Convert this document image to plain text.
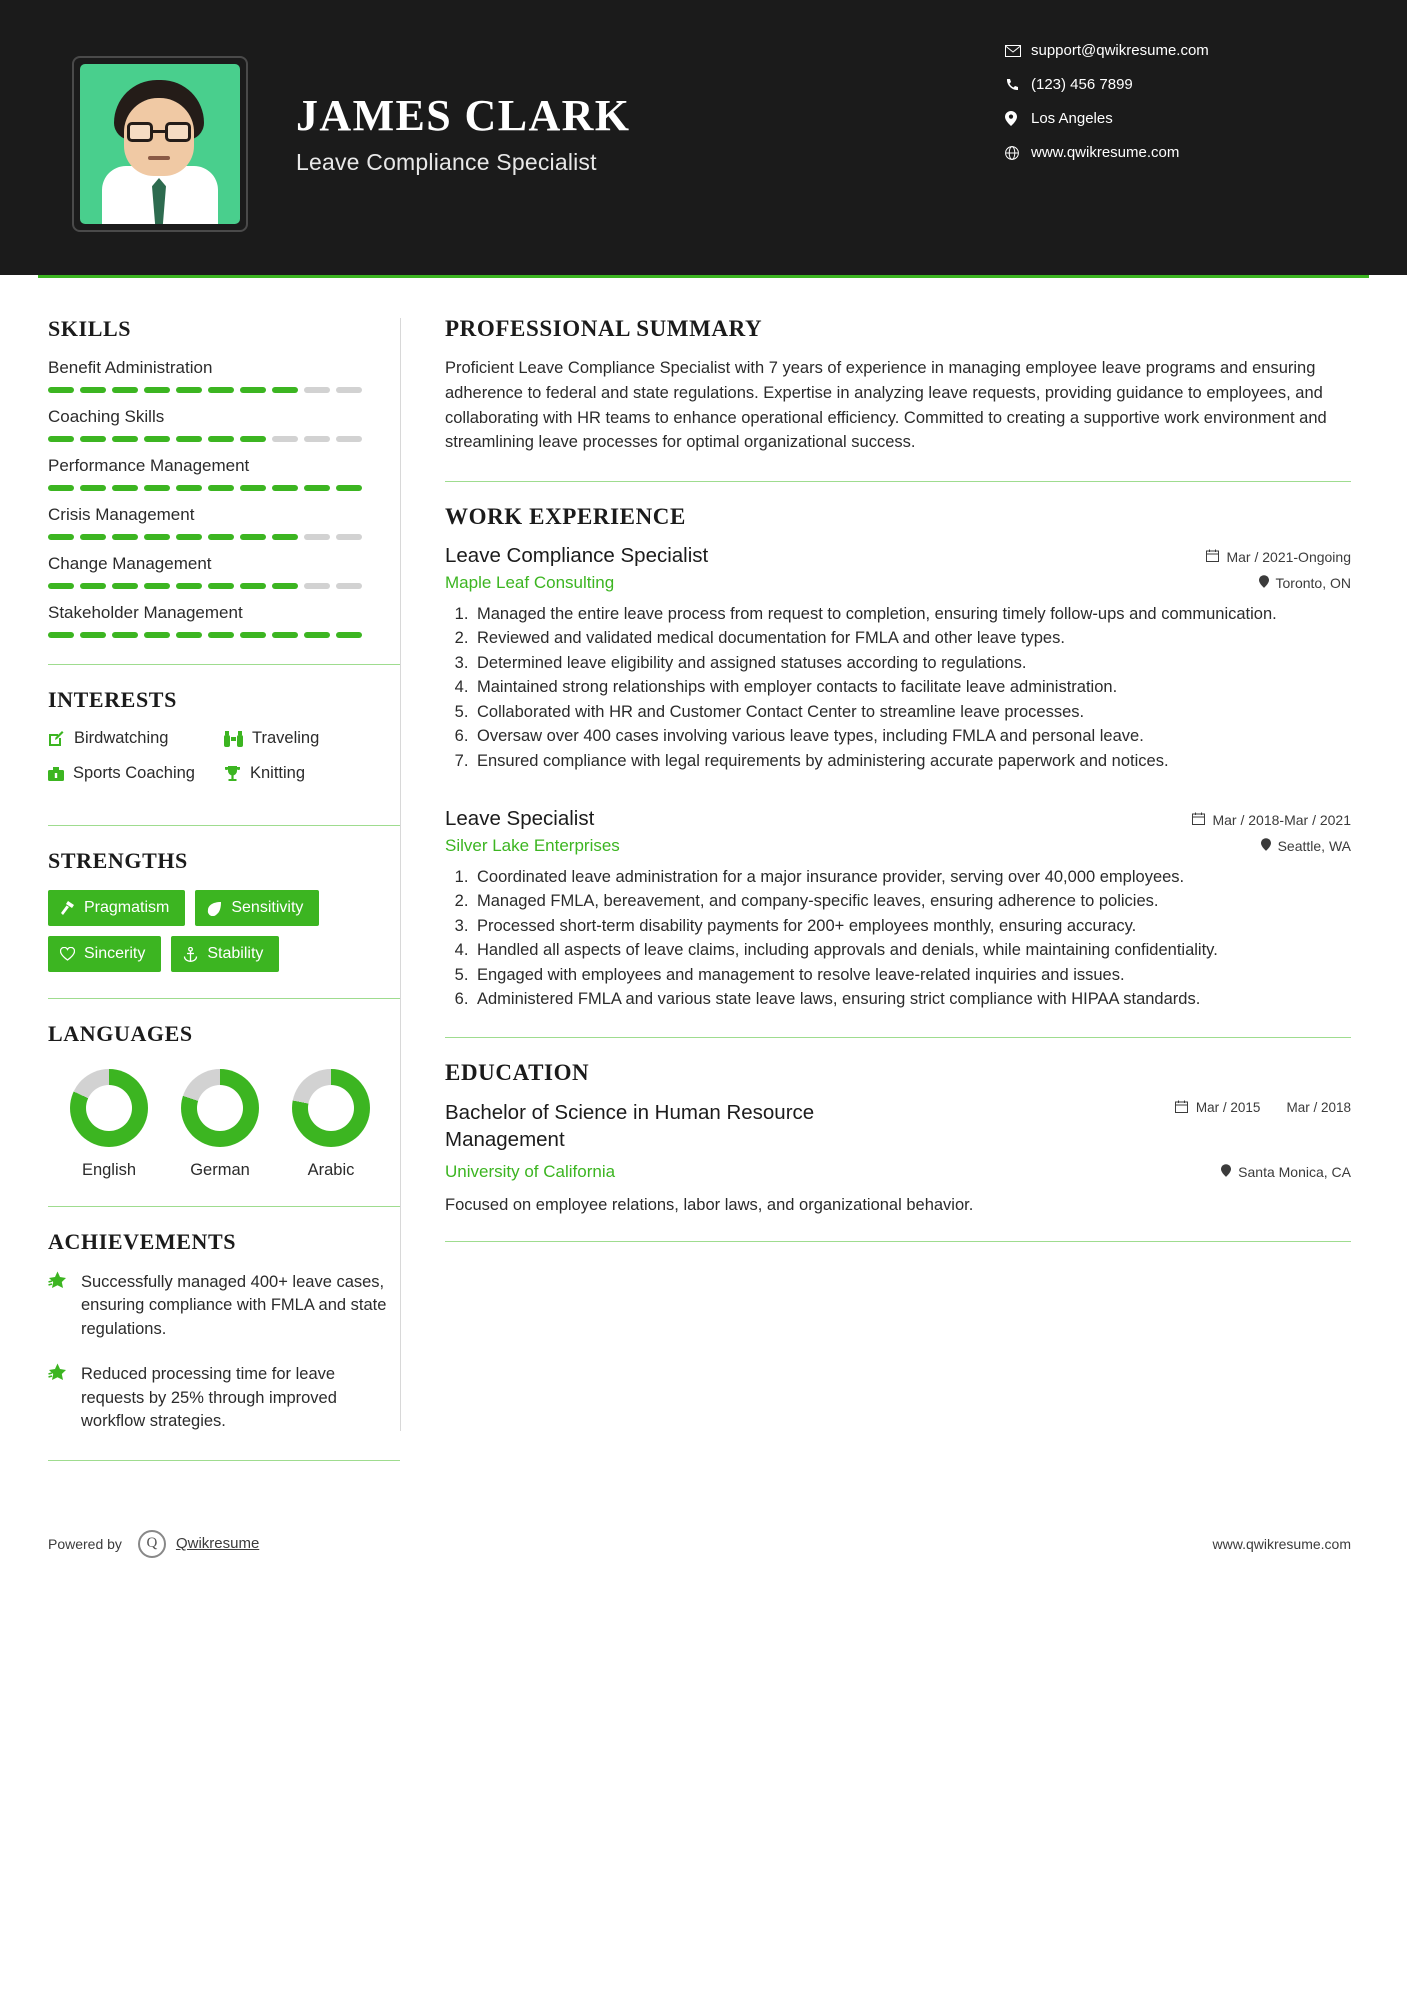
JAMES CLARK
Leave Compliance Specialist
support@qwikresume.com
(123) 456 7899
Los Angeles
www.qwikresume.com
SKILLS
Benefit Administration
Coaching Skills
Performance Management
Crisis Management
Change Management
Stakeholder Management
INTERESTS
Birdwatching	Traveling
Sports Coaching	Knitting
STRENGTHS
Pragmatism	Sensitivity
Sincerity	Stability
LANGUAGES
English	German	Arabic
ACHIEVEMENTS
Successfully managed 400+ leave cases, ensuring compliance with FMLA and state regulations.
Reduced processing time for leave requests by 25% through improved workflow strategies.
PROFESSIONAL SUMMARY

Proficient Leave Compliance Specialist with 7 years of experience in managing employee leave programs and ensuring adherence to federal and state regulations. Expertise in analyzing leave requests, providing guidance to employees, and collaborating with HR teams to enhance operational efficiency. Committed to creating a supportive work environment and streamlining leave processes for optimal organizational success.

WORK EXPERIENCE
Leave Compliance Specialist	Mar / 2021-Ongoing
Maple Leaf Consulting	Toronto, ON
1. Managed the entire leave process from request to completion, ensuring timely follow-ups and communication.
2. Reviewed and validated medical documentation for FMLA and other leave types.
3. Determined leave eligibility and assigned statuses according to regulations.
4. Maintained strong relationships with employer contacts to facilitate leave administration.
5. Collaborated with HR and Customer Contact Center to streamline leave processes.
6. Oversaw over 400 cases involving various leave types, including FMLA and personal leave.
7. Ensured compliance with legal requirements by administering accurate paperwork and notices.
Leave Specialist	Mar / 2018-Mar / 2021
Silver Lake Enterprises	Seattle, WA
1. Coordinated leave administration for a major insurance provider, serving over 40,000 employees.
2. Managed FMLA, bereavement, and company-specific leaves, ensuring adherence to policies.
3. Processed short-term disability payments for 200+ employees monthly, ensuring accuracy.
4. Handled all aspects of leave claims, including approvals and denials, while maintaining confidentiality.
5. Engaged with employees and management to resolve leave-related inquiries and issues.
6. Administered FMLA and various state leave laws, ensuring strict compliance with HIPAA standards.
EDUCATION
Bachelor of Science in Human Resource Management
Mar / 2015 Mar / 2018
University of California	Santa Monica, CA
Focused on employee relations, labor laws, and organizational behavior.
Powered by	Q	Qwikresume	www.qwikresume.com
